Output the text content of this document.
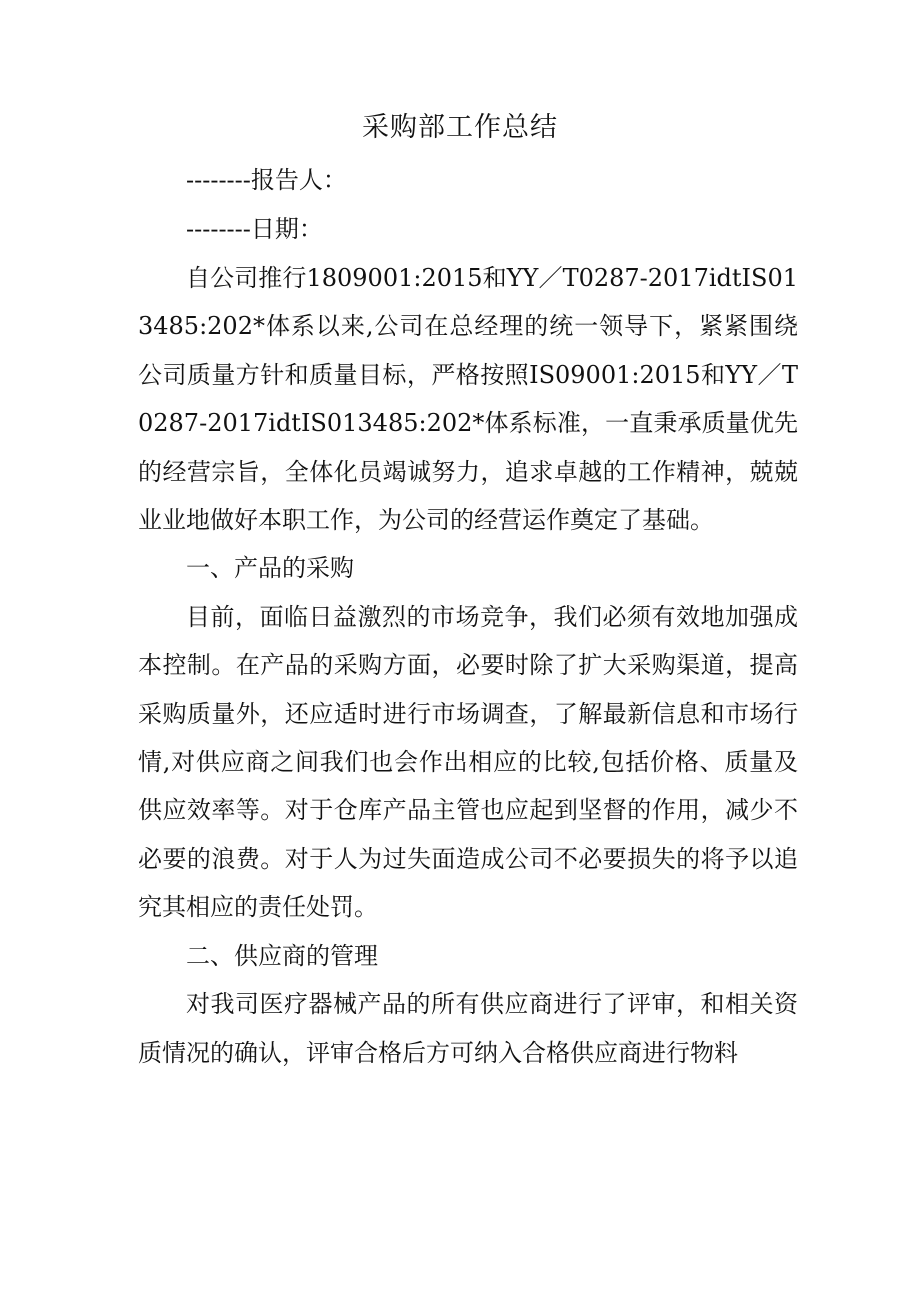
采购部工作总结
--------报告人：
--------日期：

自公司推行1809001:2015和YY／T0287-2017idtIS013485:202*体系以来,公司在总经理的统一领导下，紧紧围绕公司质量方针和质量目标，严格按照IS09001:2015和YY／T0287-2017idtIS013485:202*体系标准，一直秉承质量优先的经营宗旨，全体化员竭诚努力，追求卓越的工作精神，兢兢业业地做好本职工作，为公司的经营运作奠定了基础。

一、产品的采购

目前，面临日益激烈的市场竞争，我们必须有效地加强成本控制。在产品的采购方面，必要时除了扩大采购渠道，提高采购质量外，还应适时进行市场调查，了解最新信息和市场行情,对供应商之间我们也会作出相应的比较,包括价格、质量及供应效率等。对于仓库产品主管也应起到坚督的作用，减少不必要的浪费。对于人为过失面造成公司不必要损失的将予以追究其相应的责任处罚。

二、供应商的管理

对我司医疗器械产品的所有供应商进行了评审，和相关资质情况的确认，评审合格后方可纳入合格供应商进行物料
